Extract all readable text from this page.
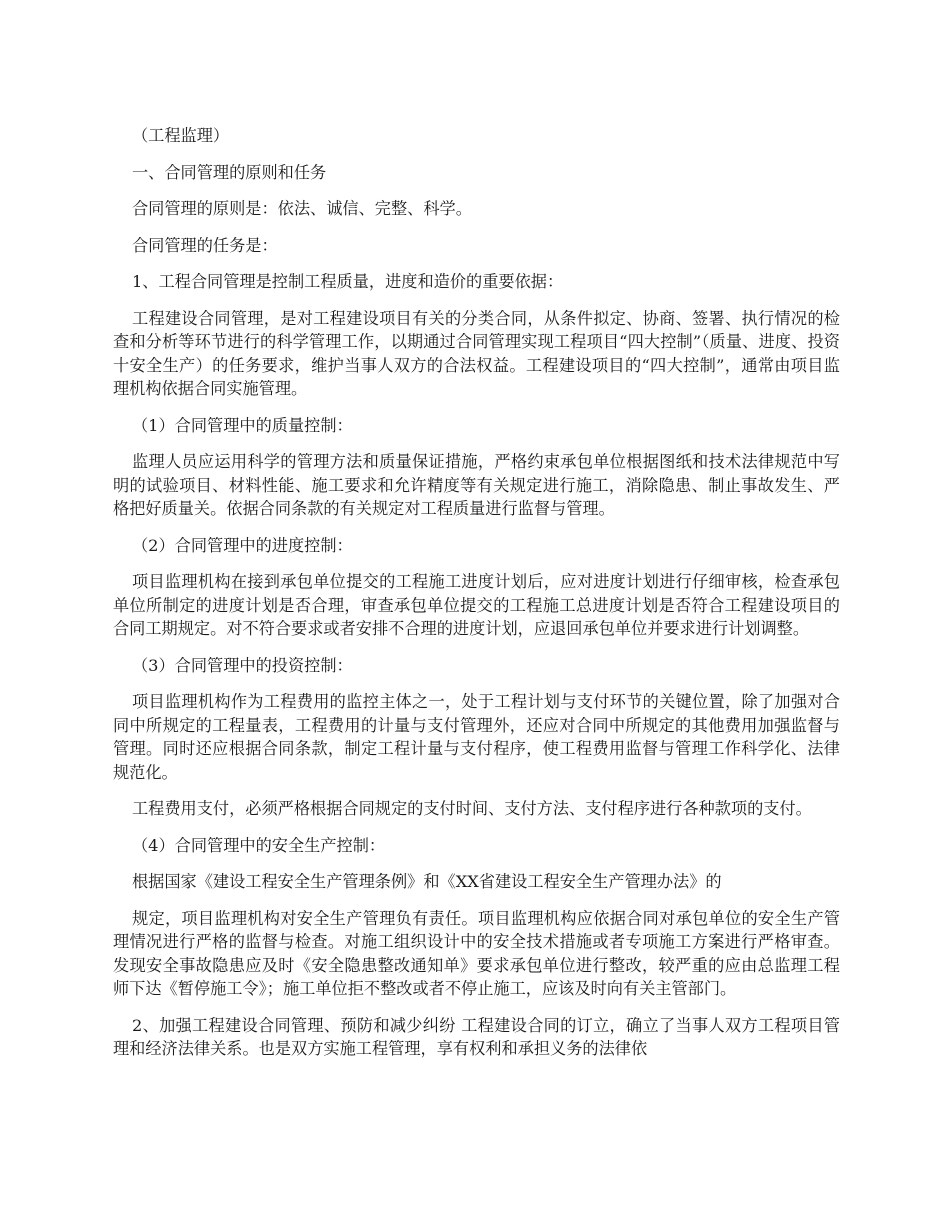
（工程监理）

一、合同管理的原则和任务

合同管理的原则是：依法、诚信、完整、科学。

合同管理的任务是：

1、工程合同管理是控制工程质量，进度和造价的重要依据：

工程建设合同管理，是对工程建设项目有关的分类合同，从条件拟定、协商、签署、执行情况的检查和分析等环节进行的科学管理工作，以期通过合同管理实现工程项目“四大控制”（质量、进度、投资十安全生产）的任务要求，维护当事人双方的合法权益。工程建设项目的“四大控制”，通常由项目监理机构依据合同实施管理。

（1）合同管理中的质量控制：

监理人员应运用科学的管理方法和质量保证措施，严格约束承包单位根据图纸和技术法律规范中写明的试验项目、材料性能、施工要求和允许精度等有关规定进行施工，消除隐患、制止事故发生、严格把好质量关。依据合同条款的有关规定对工程质量进行监督与管理。

（2）合同管理中的进度控制：

项目监理机构在接到承包单位提交的工程施工进度计划后，应对进度计划进行仔细审核，检查承包单位所制定的进度计划是否合理，审查承包单位提交的工程施工总进度计划是否符合工程建设项目的合同工期规定。对不符合要求或者安排不合理的进度计划，应退回承包单位并要求进行计划调整。

（3）合同管理中的投资控制：

项目监理机构作为工程费用的监控主体之一，处于工程计划与支付环节的关键位置，除了加强对合同中所规定的工程量表，工程费用的计量与支付管理外，还应对合同中所规定的其他费用加强监督与管理。同时还应根据合同条款，制定工程计量与支付程序，使工程费用监督与管理工作科学化、法律规范化。

工程费用支付，必须严格根据合同规定的支付时间、支付方法、支付程序进行各种款项的支付。

（4）合同管理中的安全生产控制：

根据国家《建设工程安全生产管理条例》和《XX省建设工程安全生产管理办法》的

规定，项目监理机构对安全生产管理负有责任。项目监理机构应依据合同对承包单位的安全生产管理情况进行严格的监督与检查。对施工组织设计中的安全技术措施或者专项施工方案进行严格审查。发现安全事故隐患应及时《安全隐患整改通知单》要求承包单位进行整改，较严重的应由总监理工程师下达《暂停施工令》；施工单位拒不整改或者不停止施工，应该及时向有关主管部门。

2、加强工程建设合同管理、预防和减少纠纷 工程建设合同的订立，确立了当事人双方工程项目管理和经济法律关系。也是双方实施工程管理，享有权利和承担义务的法律依
